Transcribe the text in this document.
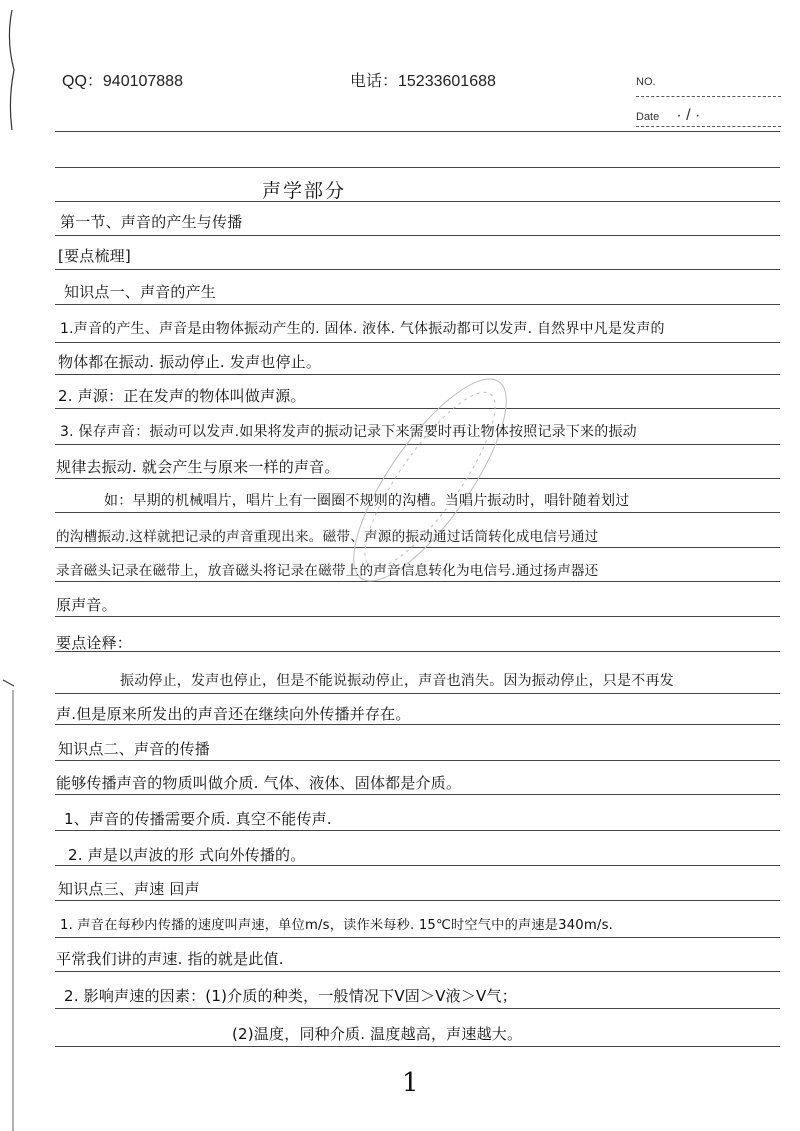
QQ：940107888	电话：15233601688	NO.
Date · / ·
声学部分
第一节、声音的产生与传播
[要点梳理]
知识点一、声音的产生
1.声音的产生、声音是由物体振动产生的. 固体. 液体. 气体振动都可以发声. 自然界中凡是发声的
物体都在振动. 振动停止. 发声也停止。
2. 声源：正在发声的物体叫做声源。
3. 保存声音：振动可以发声.如果将发声的振动记录下来需要时再让物体按照记录下来的振动
规律去振动. 就会产生与原来一样的声音。
如：早期的机械唱片，唱片上有一圈圈不规则的沟槽。当唱片振动时，唱针随着划过
的沟槽振动.这样就把记录的声音重现出来。磁带、声源的振动通过话筒转化成电信号通过
录音磁头记录在磁带上，放音磁头将记录在磁带上的声音信息转化为电信号.通过扬声器还
原声音。
要点诠释：
振动停止，发声也停止，但是不能说振动停止，声音也消失。因为振动停止，只是不再发
声.但是原来所发出的声音还在继续向外传播并存在。
知识点二、声音的传播
能够传播声音的物质叫做介质. 气体、液体、固体都是介质。
1、声音的传播需要介质. 真空不能传声.
2. 声是以声波的形 式向外传播的。
知识点三、声速 回声
1. 声音在每秒内传播的速度叫声速，单位m/s，读作米每秒. 15℃时空气中的声速是340m/s.
平常我们讲的声速. 指的就是此值.
2. 影响声速的因素：(1)介质的种类，一般情况下V固＞V液＞V气；
(2)温度，同种介质. 温度越高，声速越大。
1
